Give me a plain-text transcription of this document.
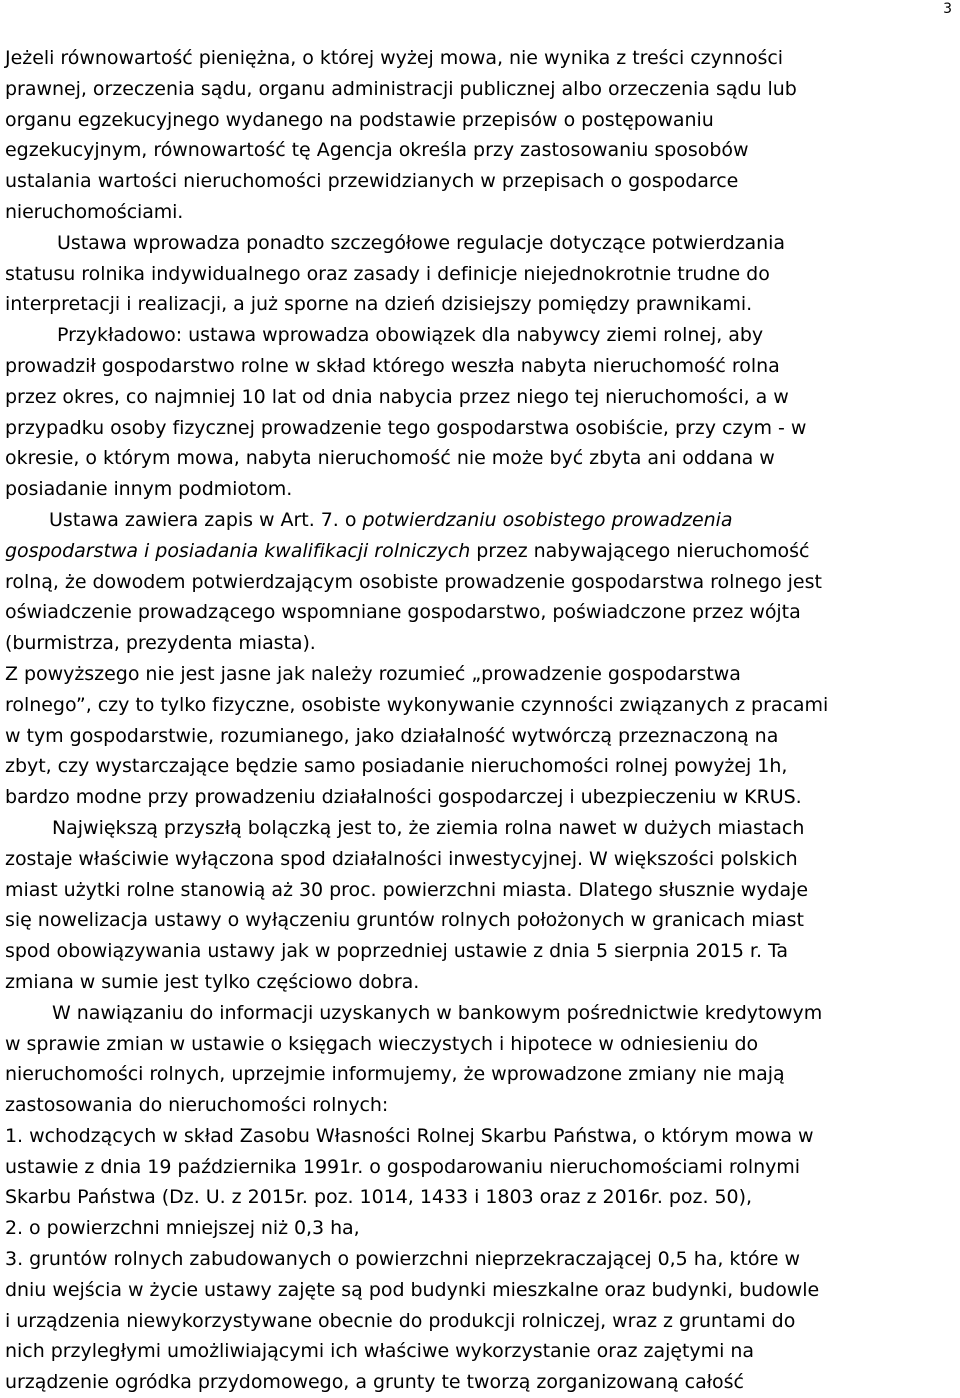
3
Jeżeli równowartość pieniężna, o której wyżej mowa, nie wynika z treści czynności
prawnej, orzeczenia sądu, organu administracji publicznej albo orzeczenia sądu lub
organu egzekucyjnego wydanego na podstawie przepisów o postępowaniu
egzekucyjnym, równowartość tę Agencja określa przy zastosowaniu sposobów
ustalania wartości nieruchomości przewidzianych w przepisach o gospodarce
nieruchomościami.
Ustawa wprowadza ponadto szczegółowe regulacje dotyczące potwierdzania
statusu rolnika indywidualnego oraz zasady i definicje niejednokrotnie trudne do
interpretacji i realizacji, a już sporne na dzień dzisiejszy pomiędzy prawnikami.
Przykładowo: ustawa wprowadza obowiązek dla nabywcy ziemi rolnej, aby
prowadził gospodarstwo rolne w skład którego weszła nabyta nieruchomość rolna
przez okres, co najmniej 10 lat od dnia nabycia przez niego tej nieruchomości, a w
przypadku osoby fizycznej prowadzenie tego gospodarstwa osobiście, przy czym - w
okresie, o którym mowa, nabyta nieruchomość nie może być zbyta ani oddana w
posiadanie innym podmiotom.
Ustawa zawiera zapis w Art. 7. o potwierdzaniu osobistego prowadzenia
gospodarstwa i posiadania kwalifikacji rolniczych przez nabywającego nieruchomość
rolną, że dowodem potwierdzającym osobiste prowadzenie gospodarstwa rolnego jest
oświadczenie prowadzącego wspomniane gospodarstwo, poświadczone przez wójta
(burmistrza, prezydenta miasta).
Z powyższego nie jest jasne jak należy rozumieć „prowadzenie gospodarstwa
rolnego”, czy to tylko fizyczne, osobiste wykonywanie czynności związanych z pracami
w tym gospodarstwie, rozumianego, jako działalność wytwórczą przeznaczoną na
zbyt, czy wystarczające będzie samo posiadanie nieruchomości rolnej powyżej 1h,
bardzo modne przy prowadzeniu działalności gospodarczej i ubezpieczeniu w KRUS.
Największą przyszłą bolączką jest to, że ziemia rolna nawet w dużych miastach
zostaje właściwie wyłączona spod działalności inwestycyjnej. W większości polskich
miast użytki rolne stanowią aż 30 proc. powierzchni miasta. Dlatego słusznie wydaje
się nowelizacja ustawy o wyłączeniu gruntów rolnych położonych w granicach miast
spod obowiązywania ustawy jak w poprzedniej ustawie z dnia 5 sierpnia 2015 r. Ta
zmiana w sumie jest tylko częściowo dobra.
W nawiązaniu do informacji uzyskanych w bankowym pośrednictwie kredytowym
w sprawie zmian w ustawie o księgach wieczystych i hipotece w odniesieniu do
nieruchomości rolnych, uprzejmie informujemy, że wprowadzone zmiany nie mają
zastosowania do nieruchomości rolnych:
1. wchodzących w skład Zasobu Własności Rolnej Skarbu Państwa, o którym mowa w
ustawie z dnia 19 października 1991r. o gospodarowaniu nieruchomościami rolnymi
Skarbu Państwa (Dz. U. z 2015r. poz. 1014, 1433 i 1803 oraz z 2016r. poz. 50),
2. o powierzchni mniejszej niż 0,3 ha,
3. gruntów rolnych zabudowanych o powierzchni nieprzekraczającej 0,5 ha, które w
dniu wejścia w życie ustawy zajęte są pod budynki mieszkalne oraz budynki, budowle
i urządzenia niewykorzystywane obecnie do produkcji rolniczej, wraz z gruntami do
nich przyległymi umożliwiającymi ich właściwe wykorzystanie oraz zajętymi na
urządzenie ogródka przydomowego, a grunty te tworzą zorganizowaną całość
